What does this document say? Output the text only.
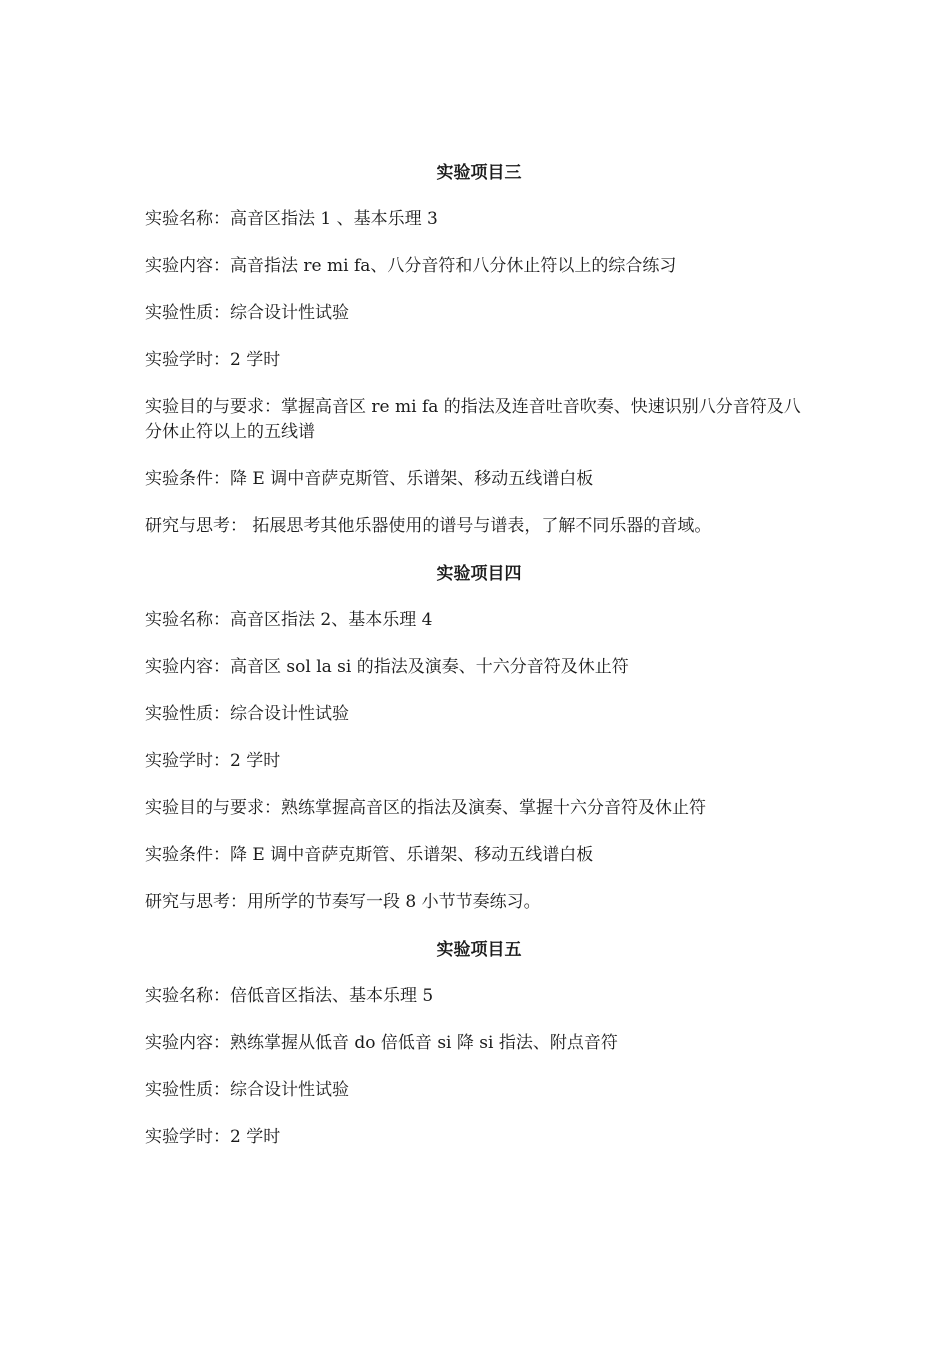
实验项目三
实验名称：高音区指法 1 、基本乐理 3
实验内容：高音指法 re mi fa、八分音符和八分休止符以上的综合练习
实验性质：综合设计性试验
实验学时：2 学时
实验目的与要求：掌握高音区 re mi fa 的指法及连音吐音吹奏、快速识别八分音符及八分休止符以上的五线谱
实验条件：降 E 调中音萨克斯管、乐谱架、移动五线谱白板
研究与思考： 拓展思考其他乐器使用的谱号与谱表，了解不同乐器的音域。
实验项目四
实验名称：高音区指法 2、基本乐理 4
实验内容：高音区 sol la si 的指法及演奏、十六分音符及休止符
实验性质：综合设计性试验
实验学时：2 学时
实验目的与要求：熟练掌握高音区的指法及演奏、掌握十六分音符及休止符
实验条件：降 E 调中音萨克斯管、乐谱架、移动五线谱白板
研究与思考：用所学的节奏写一段 8 小节节奏练习。
实验项目五
实验名称：倍低音区指法、基本乐理 5
实验内容：熟练掌握从低音 do 倍低音 si 降 si 指法、附点音符
实验性质：综合设计性试验
实验学时：2 学时
